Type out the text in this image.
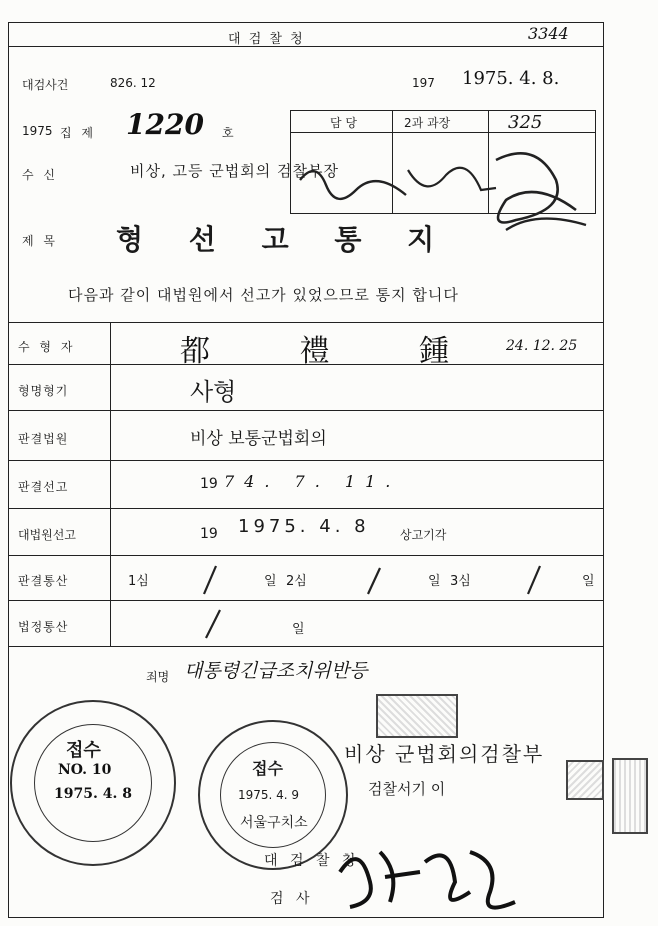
대 검 찰 청	3344
대검사건	826. 12	197 1975. 4. 8.
1975 집 제 1220 호
담 당	2과 과장	325
수 신	비상, 고등 군법회의 검찰부장
제 목 형 선 고 통 지
다음과 같이 대법원에서 선고가 있었으므로 통지 합니다
수 형 자	都 禮 鍾 24. 12. 25
형명형기	사형
판결법원	비상 보통군법회의
판결선고	19 74. 7. 11.
대법원선고	19 1975. 4. 8	상고기각
판결통산	1심	일 2심	일 3심	일
법정통산	일
죄명 대통령긴급조치위반등
접수
NO. 10
1975. 4. 8
접수
1975. 4. 9
서울구치소
비상 군법회의검찰부
검찰서기 이
대 검 찰 청
검 사
